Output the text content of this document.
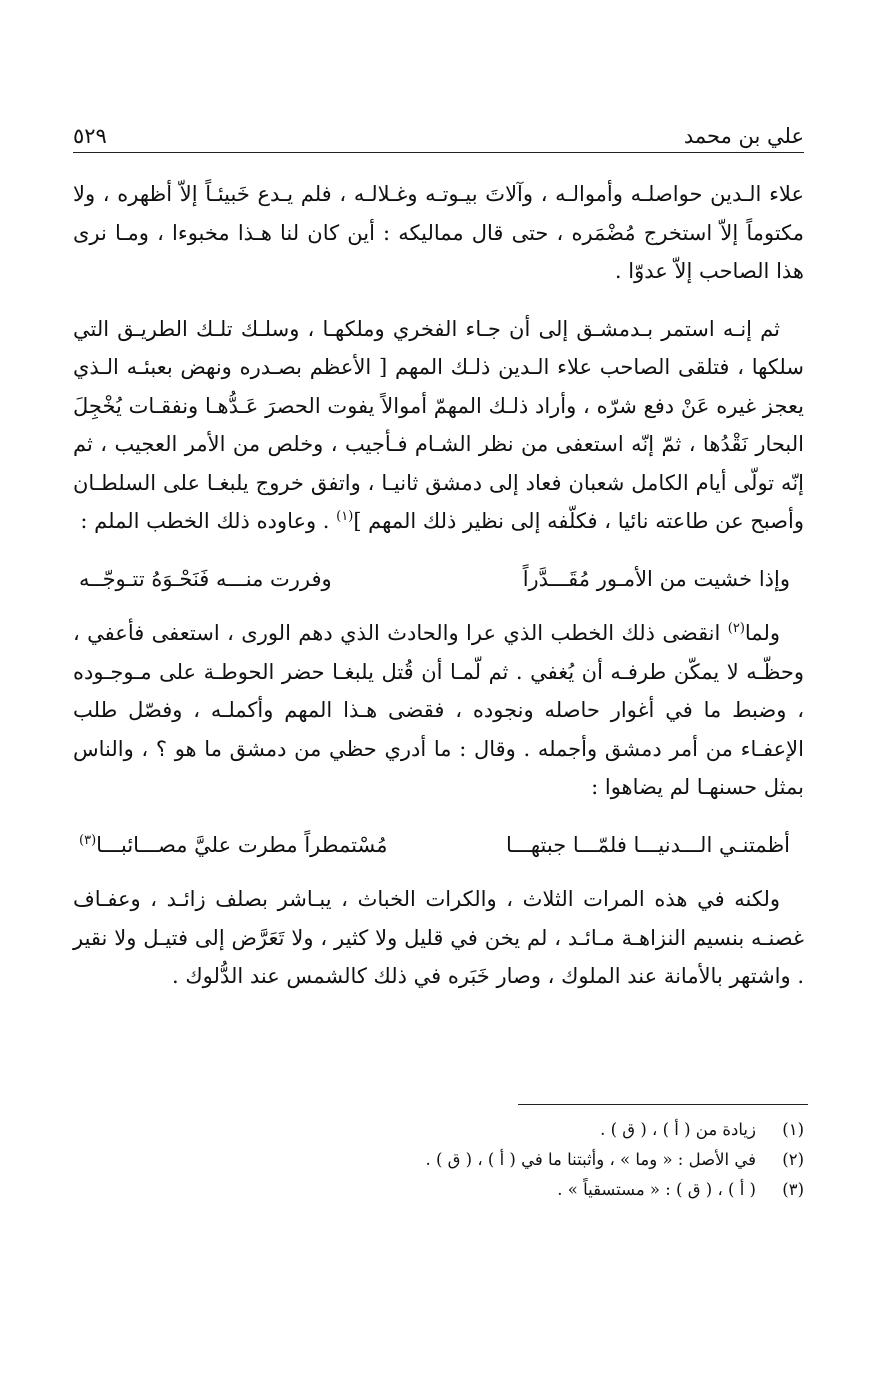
علي بن محمد
٥٢٩

علاء الـدين حواصلـه وأموالـه ، وآلاتَ بيـوتـه وغـلالـه ، فلم يـدع خَبيئـاً إلاّ أظهره ، ولا مكتوماً إلاّ استخرج مُضْمَره ، حتى قال مماليكه : أين كان لنا هـذا مخبوءا ، ومـا نرى هذا الصاحب إلاّ عدوّا .

ثم إنـه استمر بـدمشـق إلى أن جـاء الفخري وملكهـا ، وسلـك تلـك الطريـق التي سلكها ، فتلقى الصاحب علاء الـدين ذلـك المهم [ الأعظم بصـدره ونهض بعبئـه الـذي يعجز غيره عَنْ دفع شرّه ، وأراد ذلـك المهمّ أموالاً يفوت الحصرَ عَـدُّهـا ونفقـات يُخْجِلَ البحار نَقْدُها ، ثمّ إنّه استعفى من نظر الشـام فـأجيب ، وخلص من الأمر العجيب ، ثم إنّه تولّى أيام الكامل شعبان فعاد إلى دمشق ثانيـا ، واتفق خروج يلبغـا على السلطـان وأصبح عن طاعته نائيا ، فكلّفه إلى نظير ذلك المهم ]$^{(١)}$ . وعاوده ذلك الخطب الملم :

وإذا خشيت من الأمـور مُقَـــدَّراً
وفررت منـــه فَنَحْـوَهُ تتـوجّــه

ولما$^{(٢)}$ انقضى ذلك الخطب الذي عرا والحادث الذي دهم الورى ، استعفى فأعفي ، وحظّـه لا يمكّن طرفـه أن يُغفي . ثم لّمـا أن قُتل يلبغـا حضر الحوطـة على مـوجـوده ، وضبط ما في أغوار حاصله ونجوده ، فقضى هـذا المهم وأكملـه ، وفصّل طلب الإعفـاء من أمر دمشق وأجمله . وقال : ما أدري حظي من دمشق ما هو ؟ ، والناس بمثل حسنهـا لم يضاهوا :

أظمتنـي الـــدنيـــا فلمّـــا جبتهـــا
مُسْتمطراً مطرت عليَّ مصـــائبـــا$^{(٣)}$

ولكنه في هذه المرات الثلاث ، والكرات الخباث ، يبـاشر بصلف زائـد ، وعفـاف غصنـه بنسيم النزاهـة مـائـد ، لم يخن في قليل ولا كثير ، ولا تَعَرَّض إلى فتيـل ولا نقير . واشتهر بالأمانة عند الملوك ، وصار خَبَره في ذلك كالشمس عند الدُّلوك .

(١)
زيادة من ( أ ) ، ( ق ) .
(٢)
في الأصل : « وما » ، وأثبتنا ما في ( أ ) ، ( ق ) .
(٣)
( أ ) ، ( ق ) : « مستسقياً » .
